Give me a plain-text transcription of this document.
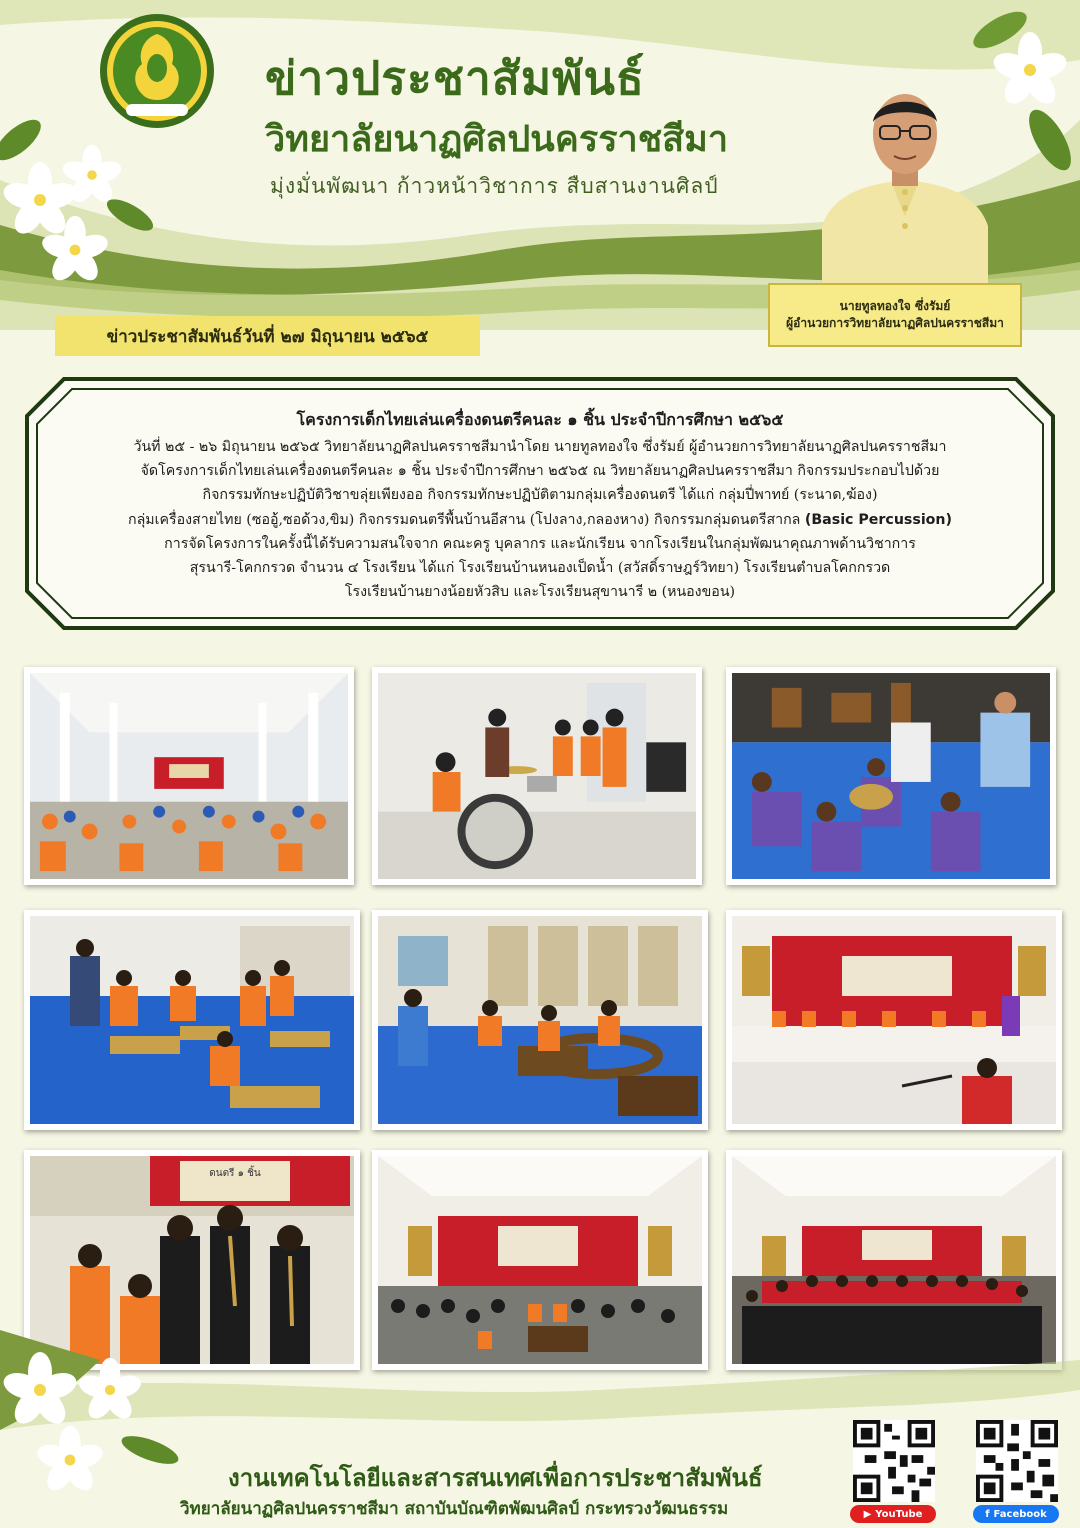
ข่าวประชาสัมพันธ์
วิทยาลัยนาฏศิลปนครราชสีมา
มุ่งมั่นพัฒนา ก้าวหน้าวิชาการ สืบสานงานศิลป์
นายทูลทองใจ ซึ่งรัมย์
ผู้อำนวยการวิทยาลัยนาฏศิลปนครราชสีมา
ข่าวประชาสัมพันธ์วันที่ ๒๗ มิถุนายน ๒๕๖๕
โครงการเด็กไทยเล่นเครื่องดนตรีคนละ ๑ ชิ้น ประจำปีการศึกษา ๒๕๖๕
วันที่ ๒๕ - ๒๖ มิถุนายน ๒๕๖๕ วิทยาลัยนาฏศิลปนครราชสีมานำโดย นายทูลทองใจ ซึ่งรัมย์ ผู้อำนวยการวิทยาลัยนาฏศิลปนครราชสีมา
จัดโครงการเด็กไทยเล่นเครื่องดนตรีคนละ ๑ ชิ้น ประจำปีการศึกษา ๒๕๖๕ ณ วิทยาลัยนาฏศิลปนครราชสีมา กิจกรรมประกอบไปด้วย
กิจกรรมทักษะปฏิบัติวิชาขลุ่ยเพียงออ กิจกรรมทักษะปฏิบัติตามกลุ่มเครื่องดนตรี ได้แก่ กลุ่มปี่พาทย์ (ระนาด,ฆ้อง)
กลุ่มเครื่องสายไทย (ซออู้,ซอด้วง,ขิม) กิจกรรมดนตรีพื้นบ้านอีสาน (โปงลาง,กลองหาง) กิจกรรมกลุ่มดนตรีสากล (Basic Percussion)
การจัดโครงการในครั้งนี้ได้รับความสนใจจาก คณะครู บุคลากร และนักเรียน จากโรงเรียนในกลุ่มพัฒนาคุณภาพด้านวิชาการ
สุรนารี-โคกกรวด จำนวน ๔ โรงเรียน ได้แก่ โรงเรียนบ้านหนองเป็ดน้ำ (สวัสดิ์ราษฎร์วิทยา) โรงเรียนตำบลโคกกรวด
โรงเรียนบ้านยางน้อยหัวสิบ และโรงเรียนสุขานารี ๒ (หนองขอน)
ดนตรี ๑ ชิ้น
งานเทคโนโลยีและสารสนเทศเพื่อการประชาสัมพันธ์
วิทยาลัยนาฏศิลปนครราชสีมา สถาบันบัณฑิตพัฒนศิลป์ กระทรวงวัฒนธรรม	▶ YouTube	f Facebook
